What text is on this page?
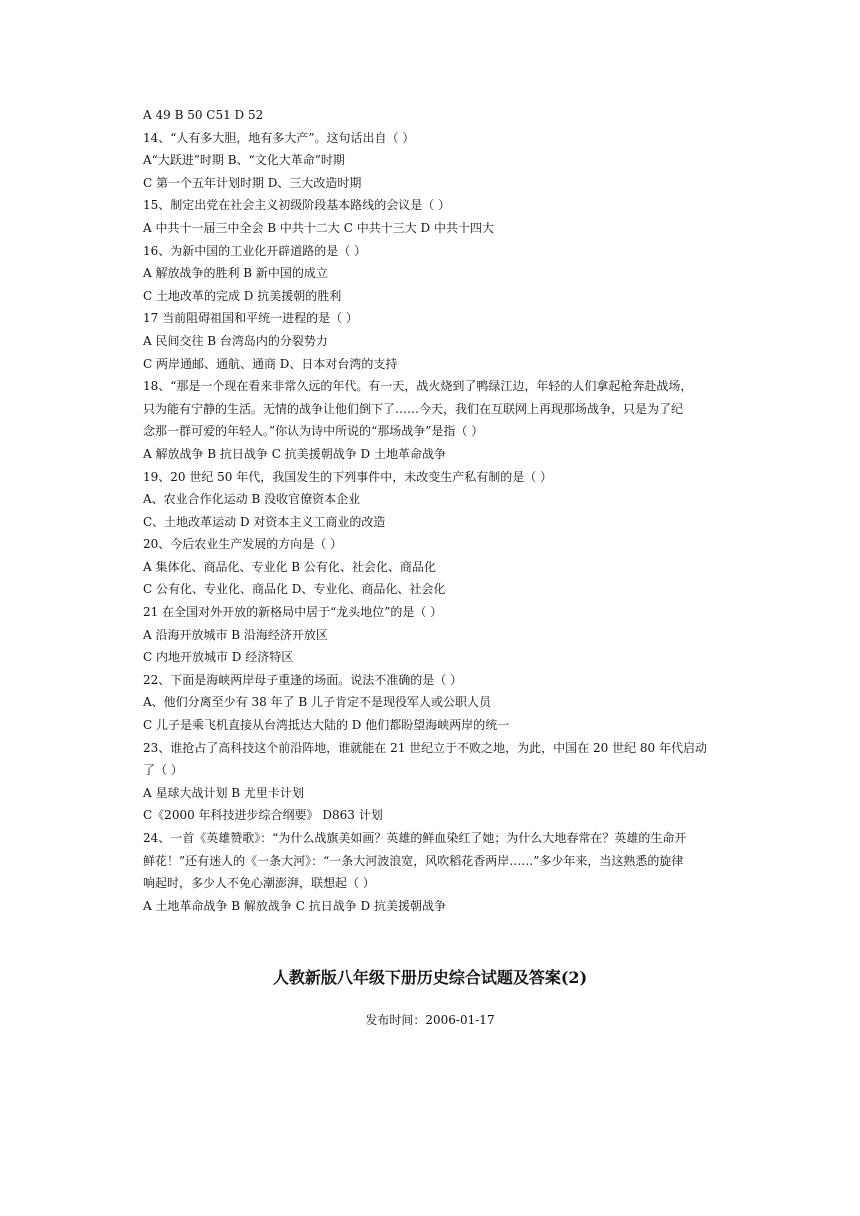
A 49 B 50 C51 D 52
14、“人有多大胆，地有多大产”。这句话出自（ ）
A“大跃进”时期 B、“文化大革命”时期
C 第一个五年计划时期 D、三大改造时期
15、制定出党在社会主义初级阶段基本路线的会议是（ ）
A 中共十一届三中全会 B 中共十二大 C 中共十三大 D 中共十四大
16、为新中国的工业化开辟道路的是（ ）
A 解放战争的胜利 B 新中国的成立
C 土地改革的完成 D 抗美援朝的胜利
17 当前阻碍祖国和平统一进程的是（ ）
A 民间交往 B 台湾岛内的分裂势力
C 两岸通邮、通航、通商 D、日本对台湾的支持
18、“那是一个现在看来非常久远的年代。有一天，战火烧到了鸭绿江边，年轻的人们拿起枪奔赴战场，
只为能有宁静的生活。无情的战争让他们倒下了……今天，我们在互联网上再现那场战争，只是为了纪
念那一群可爱的年轻人。”你认为诗中所说的“那场战争”是指（ ）
A 解放战争 B 抗日战争 C 抗美援朝战争 D 土地革命战争
19、20 世纪 50 年代，我国发生的下列事件中，未改变生产私有制的是（ ）
A、农业合作化运动 B 没收官僚资本企业
C、土地改革运动 D 对资本主义工商业的改造
20、今后农业生产发展的方向是（ ）
A 集体化、商品化、专业化 B 公有化、社会化、商品化
C 公有化、专业化、商品化 D、专业化、商品化、社会化
21 在全国对外开放的新格局中居于“龙头地位”的是（ ）
A 沿海开放城市 B 沿海经济开放区
C 内地开放城市 D 经济特区
22、下面是海峡两岸母子重逢的场面。说法不准确的是（ ）
A、他们分离至少有 38 年了 B 儿子肯定不是现役军人或公职人员
C 儿子是乘飞机直接从台湾抵达大陆的 D 他们都盼望海峡两岸的统一
23、谁抢占了高科技这个前沿阵地，谁就能在 21 世纪立于不败之地，为此，中国在 20 世纪 80 年代启动
了（ ）
A 星球大战计划 B 尤里卡计划
C《2000 年科技进步综合纲要》 D863 计划
24、一首《英雄赞歌》：“为什么战旗美如画？英雄的鲜血染红了她；为什么大地春常在？英雄的生命开
鲜花！”还有迷人的《一条大河》：“一条大河波浪宽，风吹稻花香两岸……”多少年来，当这熟悉的旋律
响起时，多少人不免心潮澎湃，联想起（ ）
A 土地革命战争 B 解放战争 C 抗日战争 D 抗美援朝战争
人教新版八年级下册历史综合试题及答案(2)
发布时间：2006-01-17
